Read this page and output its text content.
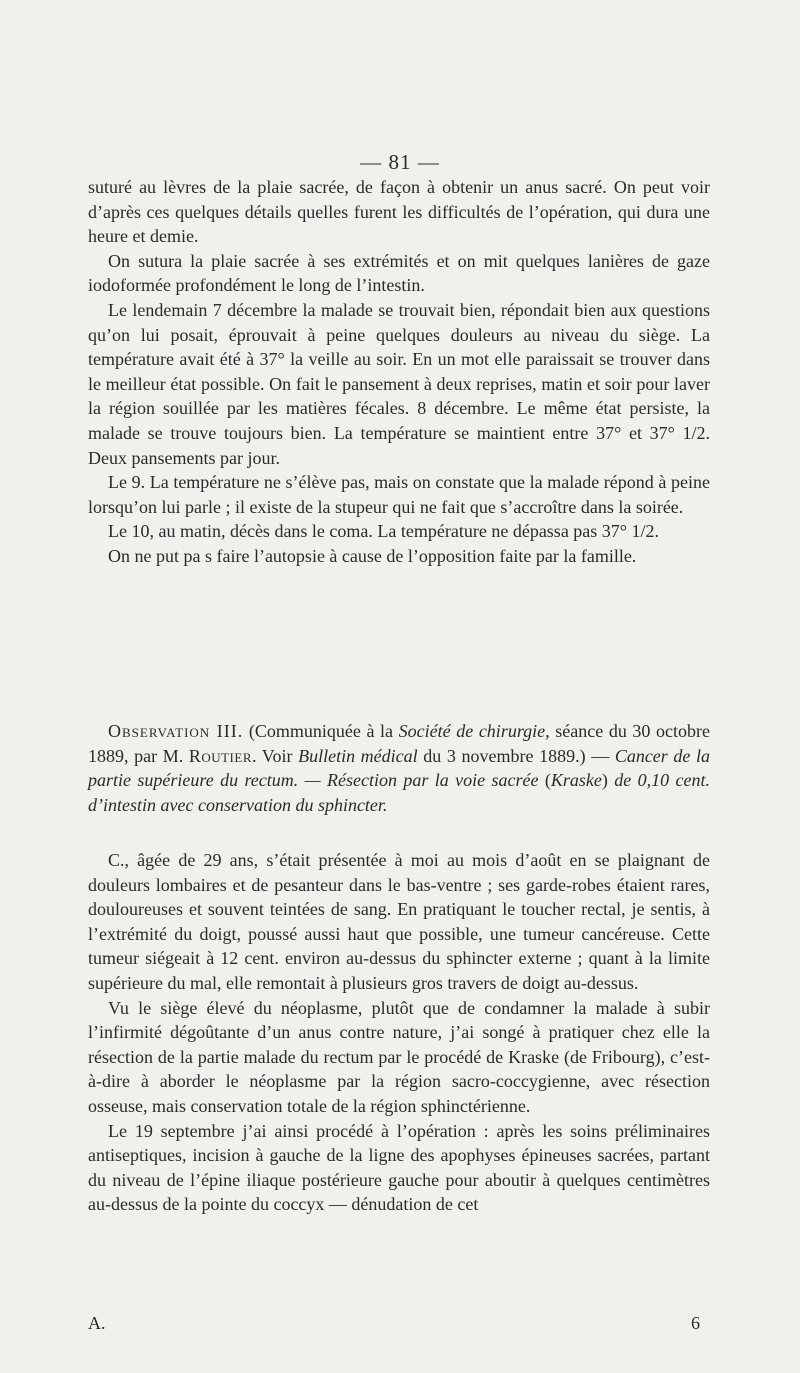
— 81 —

suturé au lèvres de la plaie sacrée, de façon à obtenir un anus sacré. On peut voir d’après ces quelques détails quelles furent les difficultés de l’opération, qui dura une heure et demie.

On sutura la plaie sacrée à ses extrémités et on mit quelques lanières de gaze iodoformée profondément le long de l’intestin.

Le lendemain 7 décembre la malade se trouvait bien, répondait bien aux questions qu’on lui posait, éprouvait à peine quelques douleurs au niveau du siège. La température avait été à 37° la veille au soir. En un mot elle paraissait se trouver dans le meilleur état possible. On fait le pansement à deux reprises, matin et soir pour laver la région souillée par les matières fécales. 8 décembre. Le même état persiste, la malade se trouve toujours bien. La température se maintient entre 37° et 37° 1/2. Deux pansements par jour.

Le 9. La température ne s’élève pas, mais on constate que la malade répond à peine lorsqu’on lui parle ; il existe de la stupeur qui ne fait que s’accroître dans la soirée.

Le 10, au matin, décès dans le coma. La température ne dépassa pas 37° 1/2.

On ne put pa s faire l’autopsie à cause de l’opposition faite par la famille.

Observation III. (Communiquée à la Société de chirurgie, séance du 30 octobre 1889, par M. Routier. Voir Bulletin médical du 3 novembre 1889.) — Cancer de la partie supérieure du rectum. — Résection par la voie sacrée (Kraske) de 0,10 cent. d’intestin avec conservation du sphincter.

C., âgée de 29 ans, s’était présentée à moi au mois d’août en se plaignant de douleurs lombaires et de pesanteur dans le bas-ventre ; ses garde-robes étaient rares, douloureuses et souvent teintées de sang. En pratiquant le toucher rectal, je sentis, à l’extrémité du doigt, poussé aussi haut que possible, une tumeur cancéreuse. Cette tumeur siégeait à 12 cent. environ au-dessus du sphincter externe ; quant à la limite supérieure du mal, elle remontait à plusieurs gros travers de doigt au-dessus.

Vu le siège élevé du néoplasme, plutôt que de condamner la malade à subir l’infirmité dégoûtante d’un anus contre nature, j’ai songé à pratiquer chez elle la résection de la partie malade du rectum par le procédé de Kraske (de Fribourg), c’est-à-dire à aborder le néoplasme par la région sacro-coccygienne, avec résection osseuse, mais conservation totale de la région sphinctérienne.

Le 19 septembre j’ai ainsi procédé à l’opération : après les soins préliminaires antiseptiques, incision à gauche de la ligne des apophyses épineuses sacrées, partant du niveau de l’épine iliaque postérieure gauche pour aboutir à quelques centimètres au-dessus de la pointe du coccyx — dénudation de cet

A.	6
